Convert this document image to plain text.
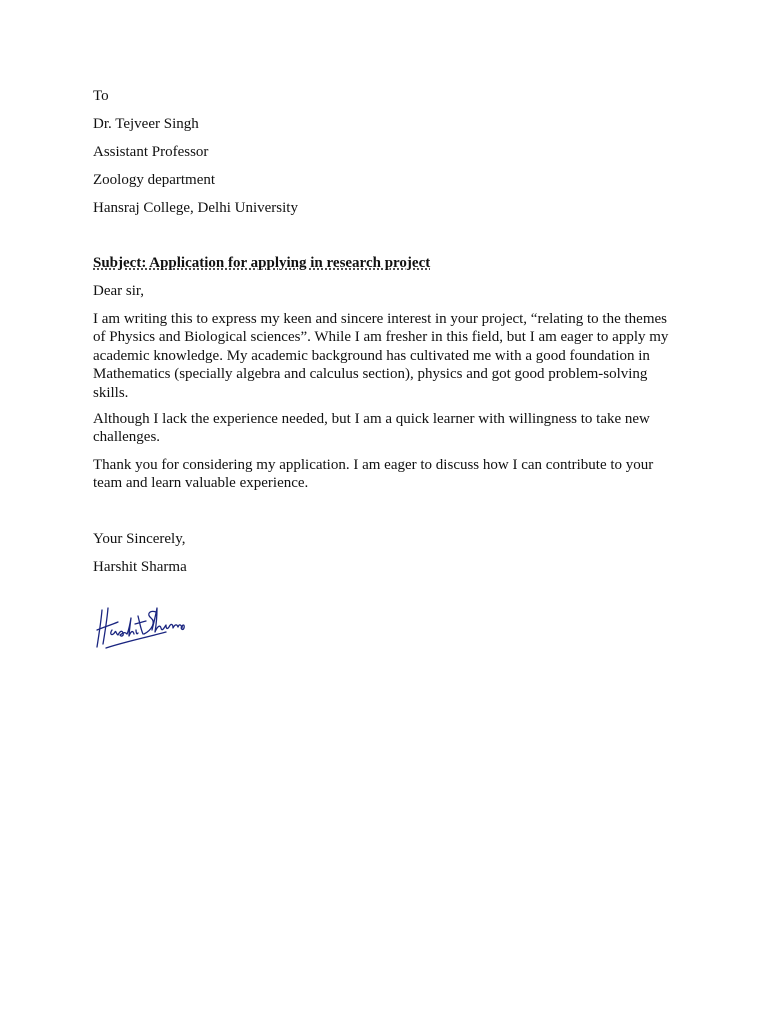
To

Dr. Tejveer Singh

Assistant Professor

Zoology department

Hansraj College, Delhi University

Subject: Application for applying in research project

Dear sir,

I am writing this to express my keen and sincere interest in your project, “relating to the themes of Physics and Biological sciences”. While I am fresher in this field, but I am eager to apply my academic knowledge. My academic background has cultivated me with a good foundation in Mathematics (specially algebra and calculus section), physics and got good problem-solving skills.

Although I lack the experience needed, but I am a quick learner with willingness to take new challenges.

Thank you for considering my application. I am eager to discuss how I can contribute to your team and learn valuable experience.

Your Sincerely,

Harshit Sharma
